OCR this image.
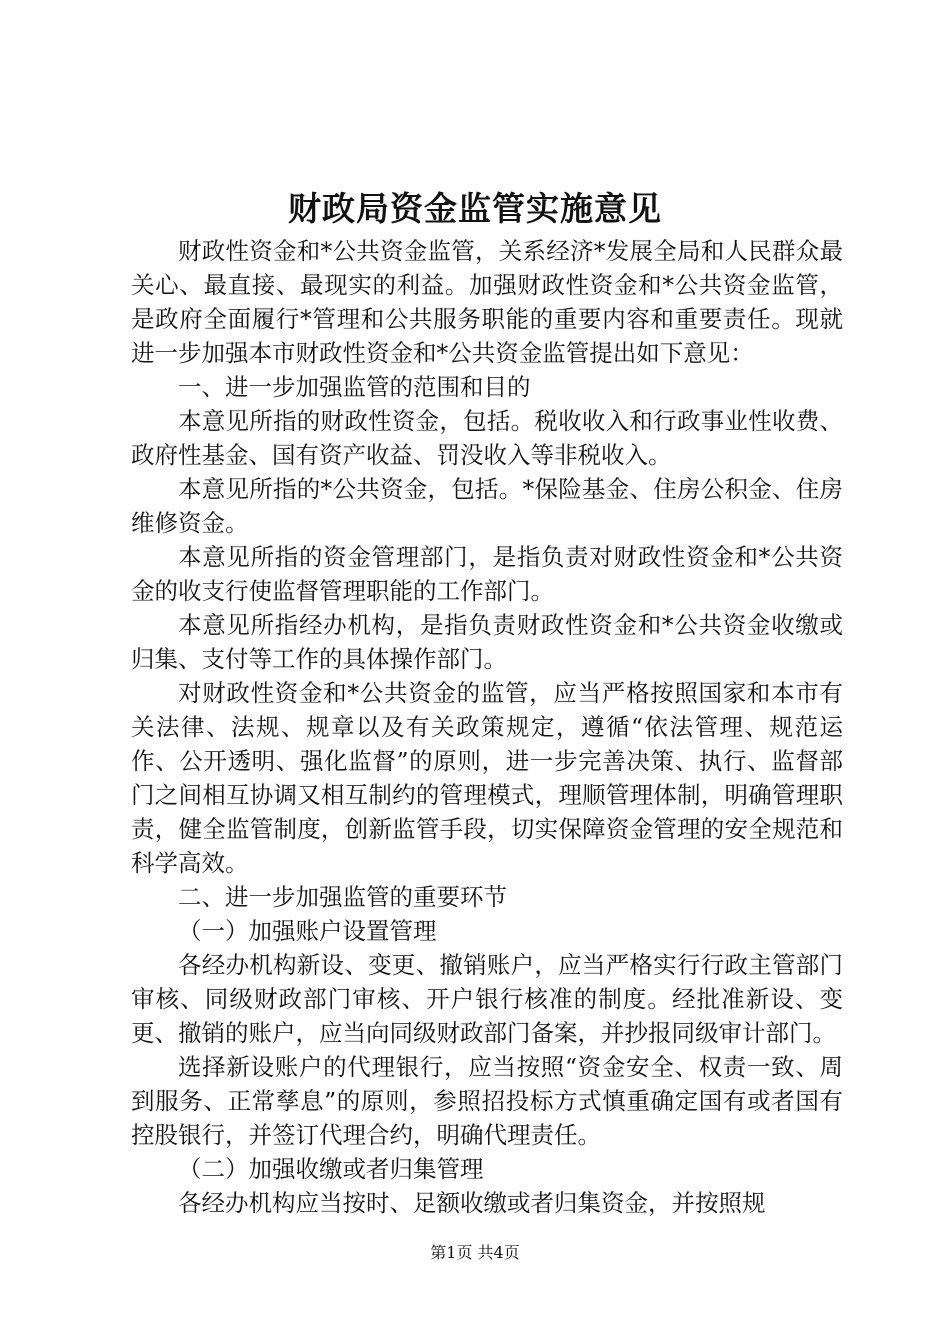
财政局资金监管实施意见

财政性资金和*公共资金监管，关系经济*发展全局和人民群众最关心、最直接、最现实的利益。加强财政性资金和*公共资金监管，是政府全面履行*管理和公共服务职能的重要内容和重要责任。现就进一步加强本市财政性资金和*公共资金监管提出如下意见：

一、进一步加强监管的范围和目的

本意见所指的财政性资金，包括。税收收入和行政事业性收费、政府性基金、国有资产收益、罚没收入等非税收入。

本意见所指的*公共资金，包括。*保险基金、住房公积金、住房维修资金。

本意见所指的资金管理部门，是指负责对财政性资金和*公共资金的收支行使监督管理职能的工作部门。

本意见所指经办机构，是指负责财政性资金和*公共资金收缴或归集、支付等工作的具体操作部门。

对财政性资金和*公共资金的监管，应当严格按照国家和本市有关法律、法规、规章以及有关政策规定，遵循“依法管理、规范运作、公开透明、强化监督”的原则，进一步完善决策、执行、监督部门之间相互协调又相互制约的管理模式，理顺管理体制，明确管理职责，健全监管制度，创新监管手段，切实保障资金管理的安全规范和科学高效。

二、进一步加强监管的重要环节

（一）加强账户设置管理

各经办机构新设、变更、撤销账户，应当严格实行行政主管部门审核、同级财政部门审核、开户银行核准的制度。经批准新设、变更、撤销的账户，应当向同级财政部门备案，并抄报同级审计部门。

选择新设账户的代理银行，应当按照“资金安全、权责一致、周到服务、正常孳息”的原则，参照招投标方式慎重确定国有或者国有控股银行，并签订代理合约，明确代理责任。

（二）加强收缴或者归集管理

各经办机构应当按时、足额收缴或者归集资金，并按照规

第1页 共4页
